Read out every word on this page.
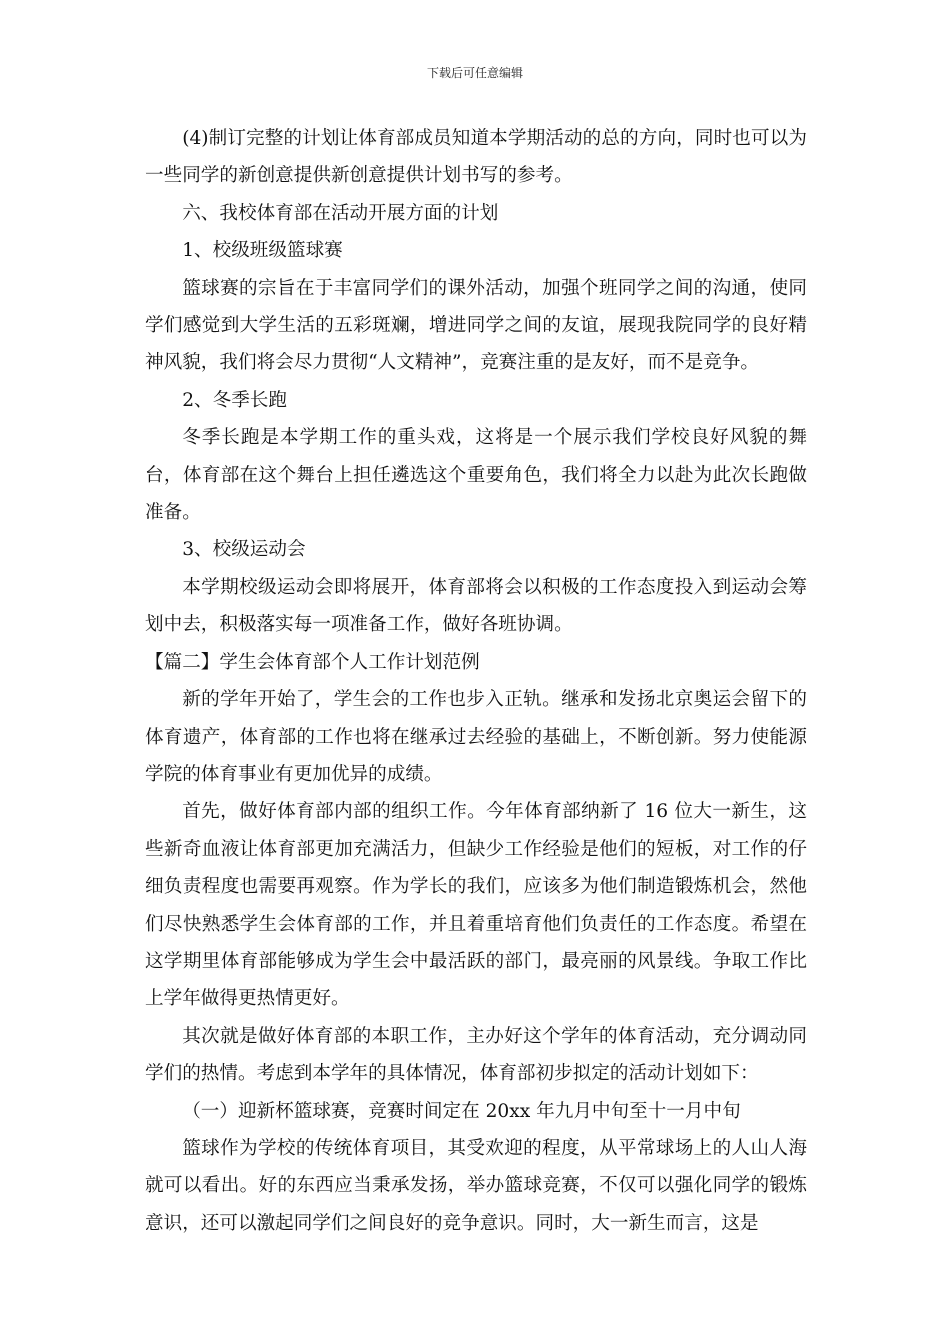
下载后可任意编辑

(4)制订完整的计划让体育部成员知道本学期活动的总的方向，同时也可以为一些同学的新创意提供新创意提供计划书写的参考。

六、我校体育部在活动开展方面的计划

1、校级班级篮球赛

篮球赛的宗旨在于丰富同学们的课外活动，加强个班同学之间的沟通，使同学们感觉到大学生活的五彩斑斓，增进同学之间的友谊，展现我院同学的良好精神风貌，我们将会尽力贯彻“人文精神”，竞赛注重的是友好，而不是竞争。

2、冬季长跑

冬季长跑是本学期工作的重头戏，这将是一个展示我们学校良好风貌的舞台，体育部在这个舞台上担任遴选这个重要角色，我们将全力以赴为此次长跑做准备。

3、校级运动会

本学期校级运动会即将展开，体育部将会以积极的工作态度投入到运动会筹划中去，积极落实每一项准备工作，做好各班协调。

【篇二】学生会体育部个人工作计划范例

新的学年开始了，学生会的工作也步入正轨。继承和发扬北京奥运会留下的体育遗产，体育部的工作也将在继承过去经验的基础上，不断创新。努力使能源学院的体育事业有更加优异的成绩。

首先，做好体育部内部的组织工作。今年体育部纳新了 16 位大一新生，这些新奇血液让体育部更加充满活力，但缺少工作经验是他们的短板，对工作的仔细负责程度也需要再观察。作为学长的我们，应该多为他们制造锻炼机会，然他们尽快熟悉学生会体育部的工作，并且着重培育他们负责任的工作态度。希望在这学期里体育部能够成为学生会中最活跃的部门，最亮丽的风景线。争取工作比上学年做得更热情更好。

其次就是做好体育部的本职工作，主办好这个学年的体育活动，充分调动同学们的热情。考虑到本学年的具体情况，体育部初步拟定的活动计划如下：

（一）迎新杯篮球赛，竞赛时间定在 20xx 年九月中旬至十一月中旬

篮球作为学校的传统体育项目，其受欢迎的程度，从平常球场上的人山人海就可以看出。好的东西应当秉承发扬，举办篮球竞赛，不仅可以强化同学的锻炼意识，还可以激起同学们之间良好的竞争意识。同时，大一新生而言，这是
